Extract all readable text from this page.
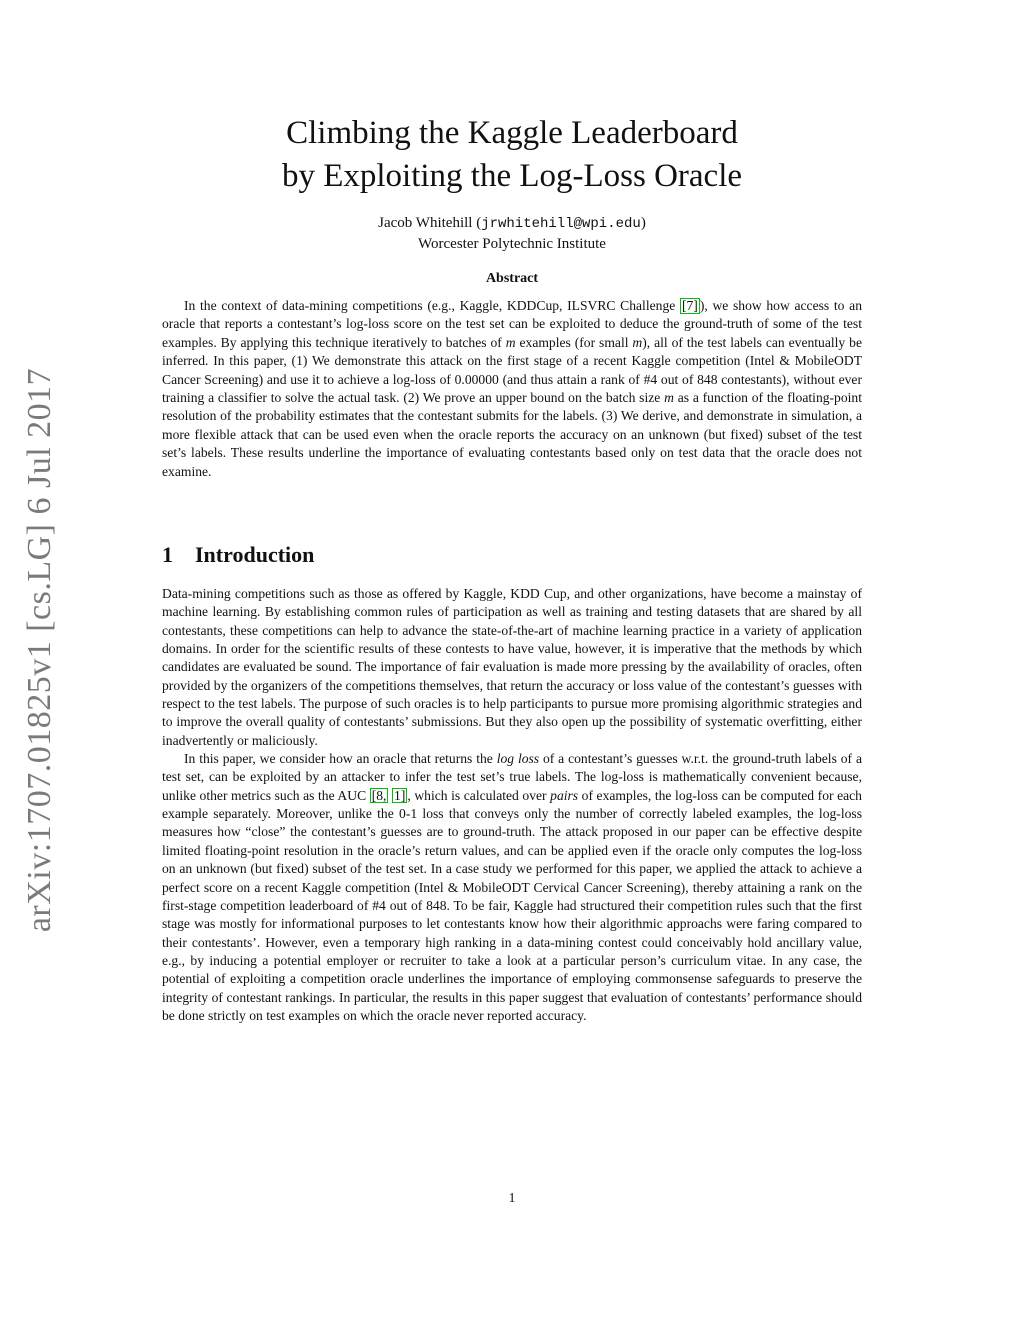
arXiv:1707.01825v1 [cs.LG] 6 Jul 2017
Climbing the Kaggle Leaderboard
by Exploiting the Log-Loss Oracle
Jacob Whitehill (jrwhitehill@wpi.edu)
Worcester Polytechnic Institute
Abstract

In the context of data-mining competitions (e.g., Kaggle, KDDCup, ILSVRC Challenge [7] ), we show how access to an oracle that reports a contestant’s log-loss score on the test set can be exploited to deduce the ground-truth of some of the test examples. By applying this technique iteratively to batches of m examples (for small m), all of the test labels can eventually be inferred. In this paper, (1) We demonstrate this attack on the first stage of a recent Kaggle competition (Intel & MobileODT Cancer Screening) and use it to achieve a log-loss of 0.00000 (and thus attain a rank of #4 out of 848 contestants), without ever training a classifier to solve the actual task. (2) We prove an upper bound on the batch size m as a function of the floating-point resolution of the probability estimates that the contestant submits for the labels. (3) We derive, and demonstrate in simulation, a more flexible attack that can be used even when the oracle reports the accuracy on an unknown (but fixed) subset of the test set’s labels. These results underline the importance of evaluating contestants based only on test data that the oracle does not examine.

1 Introduction

Data-mining competitions such as those as offered by Kaggle, KDD Cup, and other organizations, have become a mainstay of machine learning. By establishing common rules of participation as well as training and testing datasets that are shared by all contestants, these competitions can help to advance the state-of-the-art of machine learning practice in a variety of application domains. In order for the scientific results of these contests to have value, however, it is imperative that the methods by which candidates are evaluated be sound. The importance of fair evaluation is made more pressing by the availability of oracles, often provided by the organizers of the competitions themselves, that return the accuracy or loss value of the contestant’s guesses with respect to the test labels. The purpose of such oracles is to help participants to pursue more promising algorithmic strategies and to improve the overall quality of contestants’ submissions. But they also open up the possibility of systematic overfitting, either inadvertently or maliciously.

In this paper, we consider how an oracle that returns the log loss of a contestant’s guesses w.r.t. the ground-truth labels of a test set, can be exploited by an attacker to infer the test set’s true labels. The log-loss is mathematically convenient because, unlike other metrics such as the AUC [8, 1] , which is calculated over pairs of examples, the log-loss can be computed for each example separately. Moreover, unlike the 0-1 loss that conveys only the number of correctly labeled examples, the log-loss measures how “close” the contestant’s guesses are to ground-truth. The attack proposed in our paper can be effective despite limited floating-point resolution in the oracle’s return values, and can be applied even if the oracle only computes the log-loss on an unknown (but fixed) subset of the test set. In a case study we performed for this paper, we applied the attack to achieve a perfect score on a recent Kaggle competition (Intel & MobileODT Cervical Cancer Screening), thereby attaining a rank on the first-stage competition leaderboard of #4 out of 848. To be fair, Kaggle had structured their competition rules such that the first stage was mostly for informational purposes to let contestants know how their algorithmic approachs were faring compared to their contestants’. However, even a temporary high ranking in a data-mining contest could conceivably hold ancillary value, e.g., by inducing a potential employer or recruiter to take a look at a particular person’s curriculum vitae. In any case, the potential of exploiting a competition oracle underlines the importance of employing commonsense safeguards to preserve the integrity of contestant rankings. In particular, the results in this paper suggest that evaluation of contestants’ performance should be done strictly on test examples on which the oracle never reported accuracy.

1
